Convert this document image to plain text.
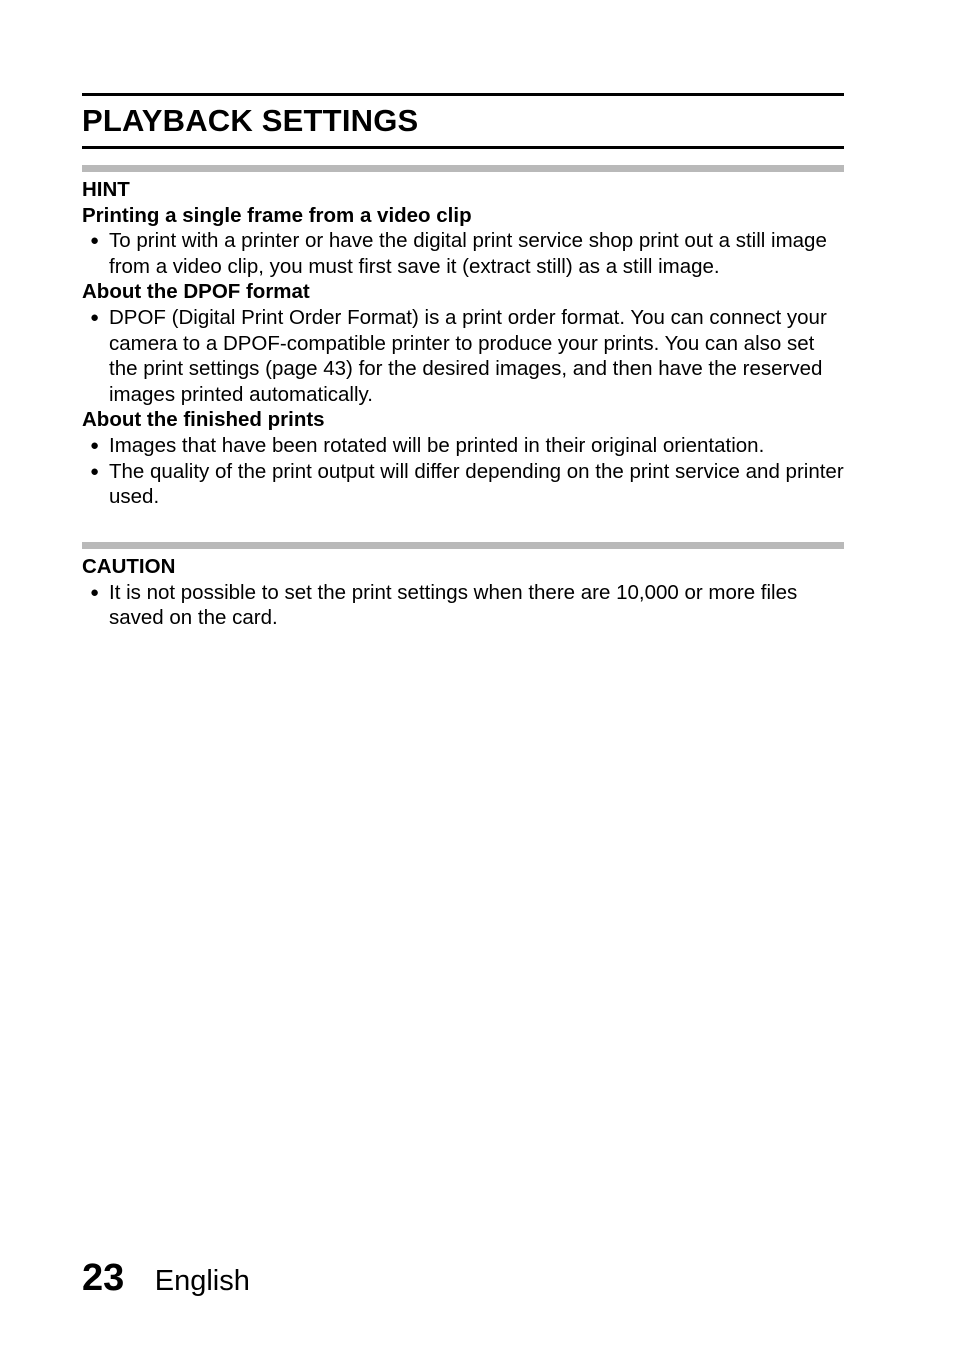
PLAYBACK SETTINGS

HINT

Printing a single frame from a video clip

● To print with a printer or have the digital print service shop print out a still image from a video clip, you must first save it (extract still) as a still image.

About the DPOF format

● DPOF (Digital Print Order Format) is a print order format. You can connect your camera to a DPOF-compatible printer to produce your prints. You can also set the print settings (page 43) for the desired images, and then have the reserved images printed automatically.

About the finished prints

● Images that have been rotated will be printed in their original orientation.
● The quality of the print output will differ depending on the print service and printer used.

CAUTION

● It is not possible to set the print settings when there are 10,000 or more files saved on the card.
23 English
